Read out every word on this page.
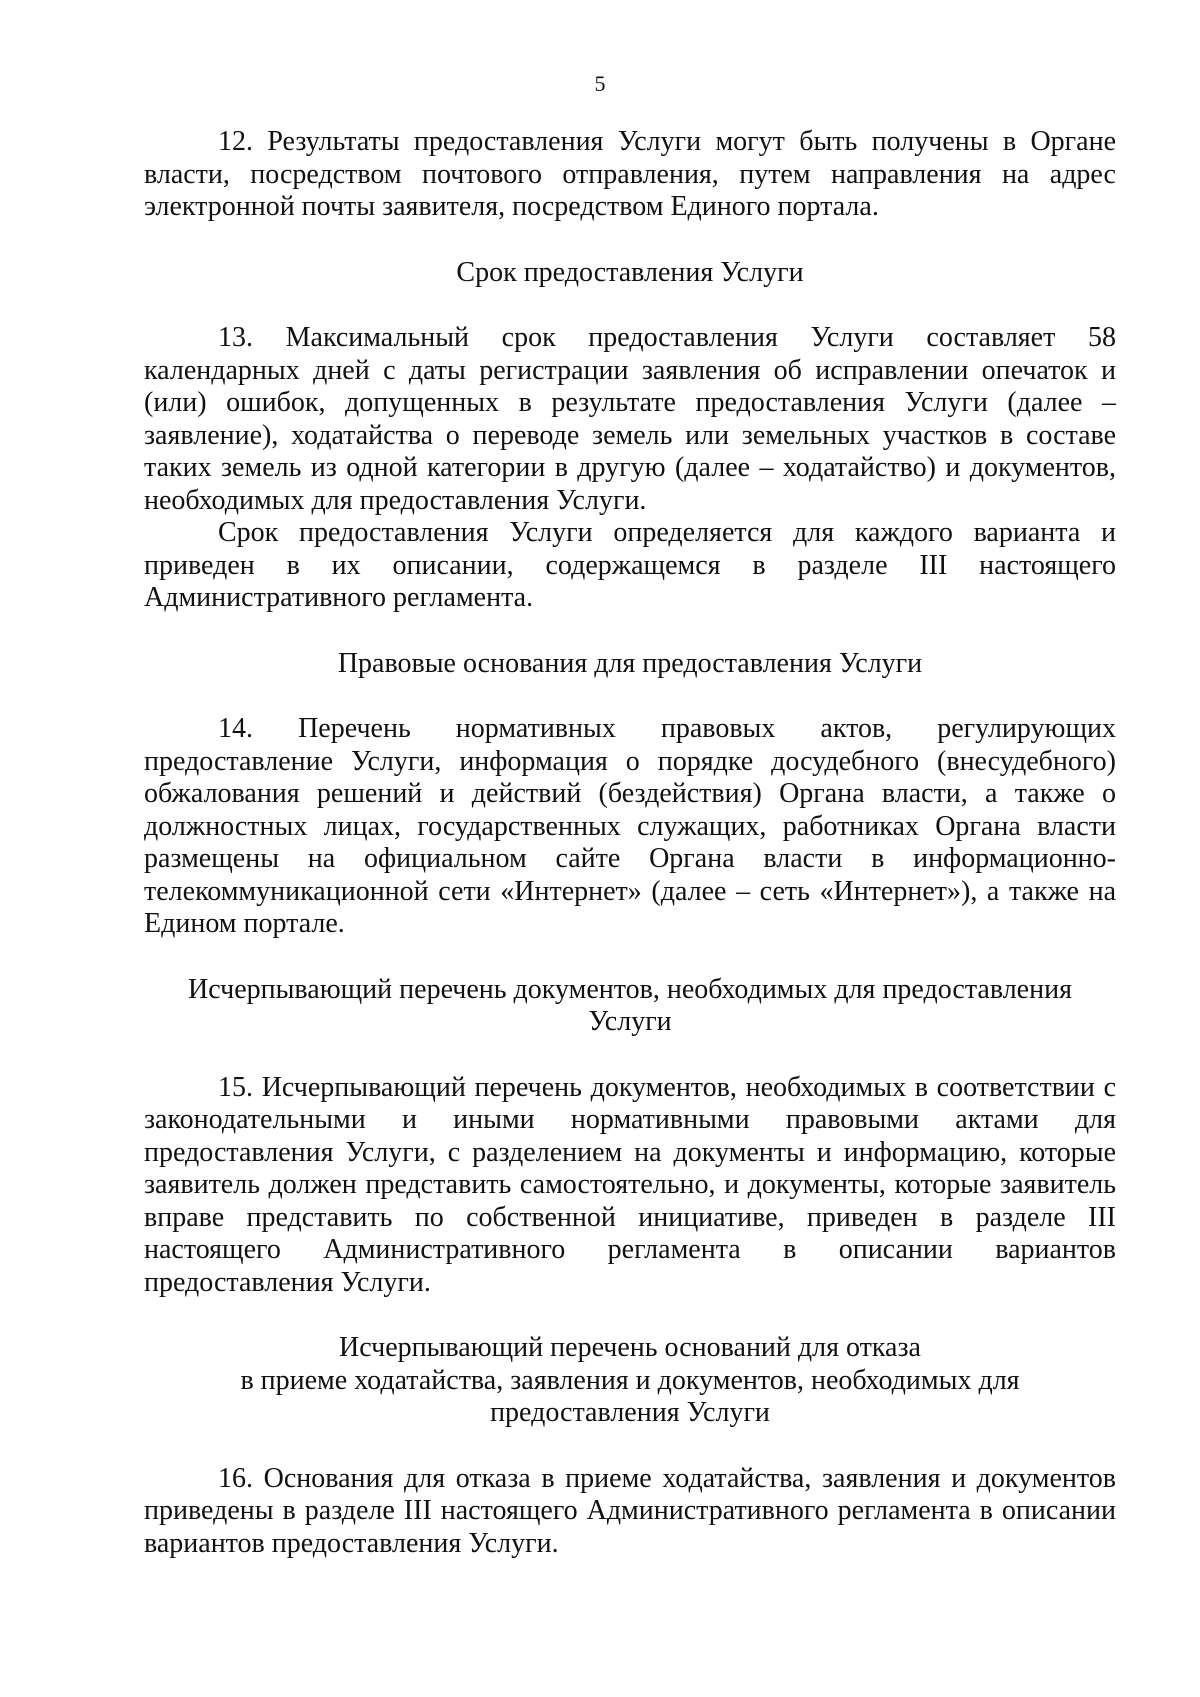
5

12. Результаты предоставления Услуги могут быть получены в Органе власти, посредством почтового отправления, путем направления на адрес электронной почты заявителя, посредством Единого портала.

Срок предоставления Услуги

13. Максимальный срок предоставления Услуги составляет 58 календарных дней с даты регистрации заявления об исправлении опечаток и (или) ошибок, допущенных в результате предоставления Услуги (далее – заявление), ходатайства о переводе земель или земельных участков в составе таких земель из одной категории в другую (далее – ходатайство) и документов, необходимых для предоставления Услуги.

Срок предоставления Услуги определяется для каждого варианта и приведен в их описании, содержащемся в разделе III настоящего Административного регламента.

Правовые основания для предоставления Услуги

14. Перечень нормативных правовых актов, регулирующих предоставление Услуги, информация о порядке досудебного (внесудебного) обжалования решений и действий (бездействия) Органа власти, а также о должностных лицах, государственных служащих, работниках Органа власти размещены на официальном сайте Органа власти в информационно-телекоммуникационной сети «Интернет» (далее – сеть «Интернет»), а также на Едином портале.

Исчерпывающий перечень документов, необходимых для предоставления
Услуги

15. Исчерпывающий перечень документов, необходимых в соответствии с законодательными и иными нормативными правовыми актами для предоставления Услуги, с разделением на документы и информацию, которые заявитель должен представить самостоятельно, и документы, которые заявитель вправе представить по собственной инициативе, приведен в разделе III настоящего Административного регламента в описании вариантов предоставления Услуги.

Исчерпывающий перечень оснований для отказа
в приеме ходатайства, заявления и документов, необходимых для
предоставления Услуги

16. Основания для отказа в приеме ходатайства, заявления и документов приведены в разделе III настоящего Административного регламента в описании вариантов предоставления Услуги.
